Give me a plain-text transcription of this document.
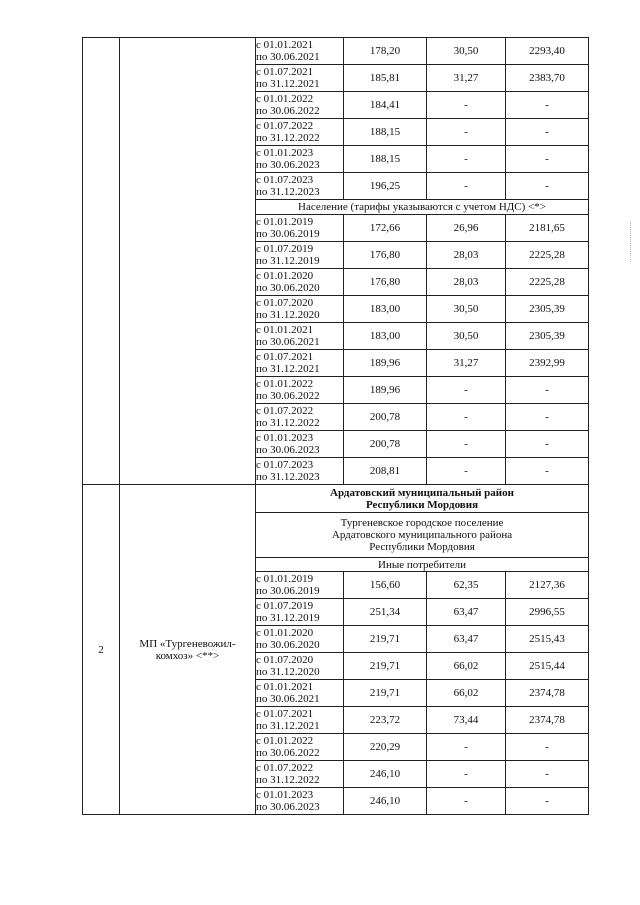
		с 01.01.2021
по 30.06.2021	178,20	30,50	2293,40

		с 01.07.2021
по 31.12.2021	185,81	31,27	2383,70

		с 01.01.2022
по 30.06.2022	184,41	-	-

		с 01.07.2022
по 31.12.2022	188,15	-	-

		с 01.01.2023
по 30.06.2023	188,15	-	-

		с 01.07.2023
по 31.12.2023	196,25	-	-
		Население (тарифы указываются с учетом НДС) <*>			

		с 01.01.2019
по 30.06.2019	172,66	26,96	2181,65

		с 01.07.2019
по 31.12.2019	176,80	28,03	2225,28

		с 01.01.2020
по 30.06.2020	176,80	28,03	2225,28

		с 01.07.2020
по 31.12.2020	183,00	30,50	2305,39

		с 01.01.2021
по 30.06.2021	183,00	30,50	2305,39

		с 01.07.2021
по 31.12.2021	189,96	31,27	2392,99

		с 01.01.2022
по 30.06.2022	189,96	-	-

		с 01.07.2022
по 31.12.2022	200,78	-	-

		с 01.01.2023
по 30.06.2023	200,78	-	-

		с 01.07.2023
по 31.12.2023	208,81	-	-
2	МП «Тургеневожил-
комхоз» <**>	Ардатовский муниципальный район
Республики Мордовия			
		Тургеневское городское поселение
Ардатовского муниципального района
Республики Мордовия			
		Иные потребители			

		с 01.01.2019
по 30.06.2019	156,60	62,35	2127,36

		с 01.07.2019
по 31.12.2019	251,34	63,47	2996,55

		с 01.01.2020
по 30.06.2020	219,71	63,47	2515,43

		с 01.07.2020
по 31.12.2020	219,71	66,02	2515,44

		с 01.01.2021
по 30.06.2021	219,71	66,02	2374,78

		с 01.07.2021
по 31.12.2021	223,72	73,44	2374,78

		с 01.01.2022
по 30.06.2022	220,29	-	-

		с 01.07.2022
по 31.12.2022	246,10	-	-

		с 01.01.2023
по 30.06.2023	246,10	-	-
